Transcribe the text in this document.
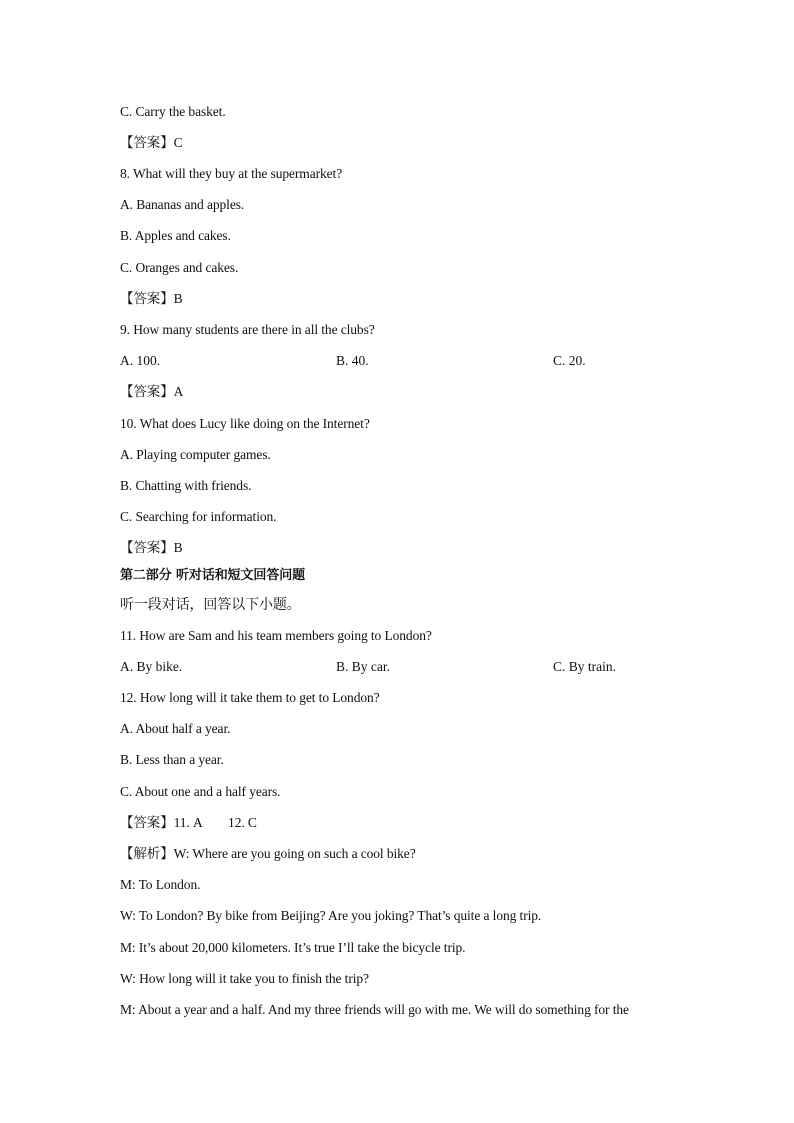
C. Carry the basket.
【答案】C
8. What will they buy at the supermarket?
A. Bananas and apples.
B. Apples and cakes.
C. Oranges and cakes.
【答案】B
9. How many students are there in all the clubs?
A. 100.	B. 40.	C. 20.
【答案】A
10. What does Lucy like doing on the Internet?
A. Playing computer games.
B. Chatting with friends.
C. Searching for information.
【答案】B
第二部分 听对话和短文回答问题
听一段对话，回答以下小题。
11. How are Sam and his team members going to London?
A. By bike.	B. By car.	C. By train.
12. How long will it take them to get to London?
A. About half a year.
B. Less than a year.
C. About one and a half years.
【答案】11. A        12. C
【解析】W: Where are you going on such a cool bike?
M: To London.
W: To London? By bike from Beijing? Are you joking? That’s quite a long trip.
M: It’s about 20,000 kilometers. It’s true I’ll take the bicycle trip.
W: How long will it take you to finish the trip?
M: About a year and a half. And my three friends will go with me. We will do something for the
